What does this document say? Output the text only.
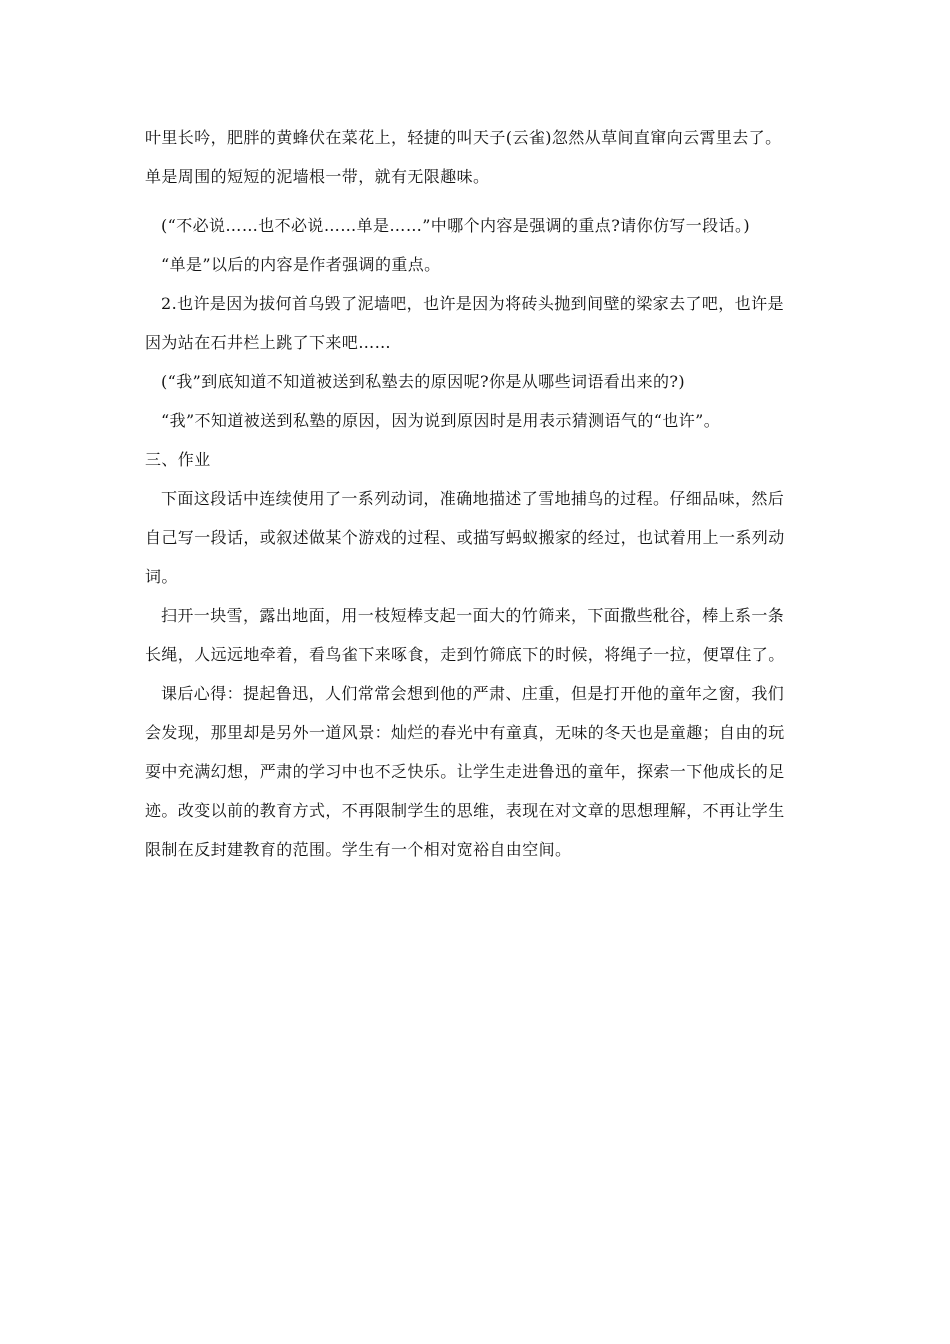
叶里长吟，肥胖的黄蜂伏在菜花上，轻捷的叫天子(云雀)忽然从草间直窜向云霄里去了。
单是周围的短短的泥墙根一带，就有无限趣味。
(“不必说……也不必说……单是……”中哪个内容是强调的重点?请你仿写一段话。)
“单是”以后的内容是作者强调的重点。
2.也许是因为拔何首乌毁了泥墙吧，也许是因为将砖头抛到间壁的梁家去了吧，也许是
因为站在石井栏上跳了下来吧……
(“我”到底知道不知道被送到私塾去的原因呢?你是从哪些词语看出来的?)
“我”不知道被送到私塾的原因，因为说到原因时是用表示猜测语气的“也许”。
三、作业
下面这段话中连续使用了一系列动词，准确地描述了雪地捕鸟的过程。仔细品味，然后
自己写一段话，或叙述做某个游戏的过程、或描写蚂蚁搬家的经过，也试着用上一系列动
词。
扫开一块雪，露出地面，用一枝短棒支起一面大的竹筛来，下面撒些秕谷，棒上系一条
长绳，人远远地牵着，看鸟雀下来啄食，走到竹筛底下的时候，将绳子一拉，便罩住了。
课后心得：提起鲁迅，人们常常会想到他的严肃、庄重，但是打开他的童年之窗，我们
会发现，那里却是另外一道风景：灿烂的春光中有童真，无味的冬天也是童趣；自由的玩
耍中充满幻想，严肃的学习中也不乏快乐。让学生走进鲁迅的童年，探索一下他成长的足
迹。改变以前的教育方式，不再限制学生的思维，表现在对文章的思想理解，不再让学生
限制在反封建教育的范围。学生有一个相对宽裕自由空间。
